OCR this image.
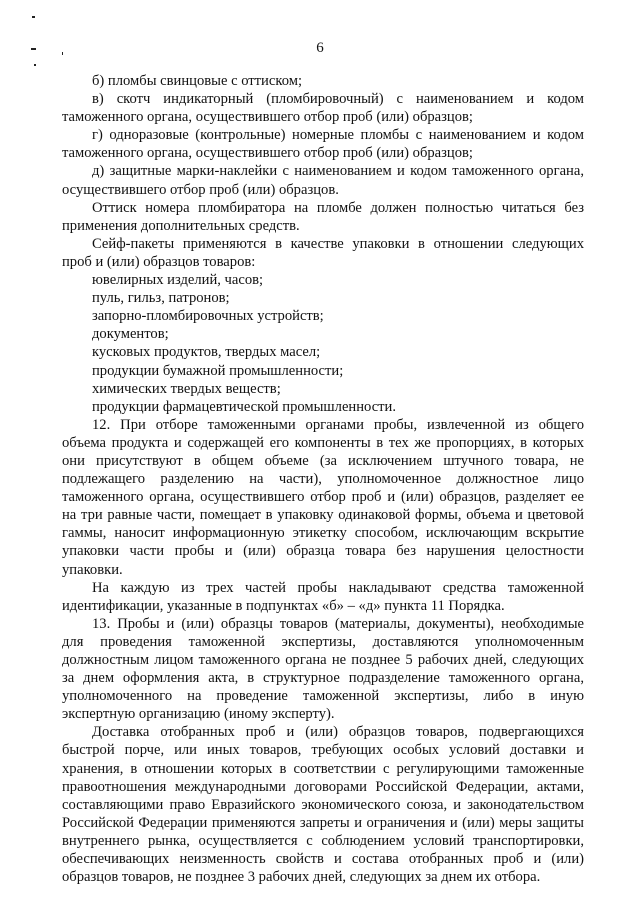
6
б) пломбы свинцовые с оттиском;
в) скотч индикаторный (пломбировочный) с наименованием и кодом
таможенного органа, осуществившего отбор проб (или) образцов;
г) одноразовые (контрольные) номерные пломбы с наименованием и кодом
таможенного органа, осуществившего отбор проб (или) образцов;
д) защитные марки-наклейки с наименованием и кодом таможенного органа,
осуществившего отбор проб (или) образцов.
Оттиск номера пломбиратора на пломбе должен полностью читаться без
применения дополнительных средств.
Сейф-пакеты применяются в качестве упаковки в отношении следующих
проб и (или) образцов товаров:
ювелирных изделий, часов;
пуль, гильз, патронов;
запорно-пломбировочных устройств;
документов;
кусковых продуктов, твердых масел;
продукции бумажной промышленности;
химических твердых веществ;
продукции фармацевтической промышленности.
12. При отборе таможенными органами пробы, извлеченной из общего
объема продукта и содержащей его компоненты в тех же пропорциях, в которых
они присутствуют в общем объеме (за исключением штучного товара, не
подлежащего разделению на части), уполномоченное должностное лицо
таможенного органа, осуществившего отбор проб и (или) образцов, разделяет ее
на три равные части, помещает в упаковку одинаковой формы, объема и цветовой
гаммы, наносит информационную этикетку способом, исключающим вскрытие
упаковки части пробы и (или) образца товара без нарушения целостности
упаковки.
На каждую из трех частей пробы накладывают средства таможенной
идентификации, указанные в подпунктах «б» – «д» пункта 11 Порядка.
13. Пробы и (или) образцы товаров (материалы, документы), необходимые
для проведения таможенной экспертизы, доставляются уполномоченным
должностным лицом таможенного органа не позднее 5 рабочих дней, следующих
за днем оформления акта, в структурное подразделение таможенного органа,
уполномоченного на проведение таможенной экспертизы, либо в иную
экспертную организацию (иному эксперту).
Доставка отобранных проб и (или) образцов товаров, подвергающихся
быстрой порче, или иных товаров, требующих особых условий доставки и
хранения, в отношении которых в соответствии с регулирующими таможенные
правоотношения международными договорами Российской Федерации, актами,
составляющими право Евразийского экономического союза, и законодательством
Российской Федерации применяются запреты и ограничения и (или) меры защиты
внутреннего рынка, осуществляется с соблюдением условий транспортировки,
обеспечивающих неизменность свойств и состава отобранных проб и (или)
образцов товаров, не позднее 3 рабочих дней, следующих за днем их отбора.
